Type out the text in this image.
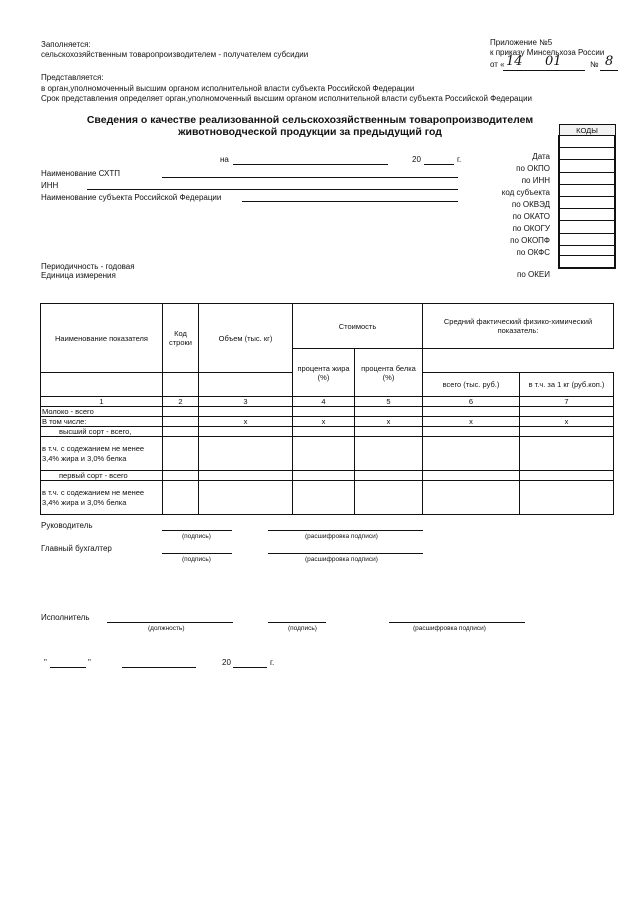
Заполняется:
сельскохозяйственным товаропроизводителем - получателем субсидии
Представляется:
в орган,уполномоченный высшим органом исполнительной власти субъекта Российской Федерации
Срок представления определяет орган,уполномоченный высшим органом исполнительной власти субъекта Российской Федерации
Приложение №5
к приказу Минсельхоза России
от « 14 01	№ 8
Сведения о качестве реализованной сельскохозяйственным товаропроизводителем
животноводческой продукции за предыдущий год
на	20	г.
Наименование СХТП
ИНН
Наименование субъекта Российской Федерации
Периодичность - годовая
Единица измерения
Дата
по ОКПО
по ИНН
код субъекта
по ОКВЭД
по ОКАТО
по ОКОГУ
по ОКОПФ
по ОКФС
по ОКЕИ
КОДЫ

Наименование показателя	Код строки	Объем (тыс. кг)	Стоимость		Средний фактический физико-химический показатель:	
			процента жира (%)	процента белка (%)		
					всего (тыс. руб.)	в т.ч. за 1 кг (руб.коп.)
1	2	3	4	5	6	7
Молоко - всего						
В том числе:		x	x	x	x	x
высший сорт - всего,						
в т.ч. с содежанием не менее 3,4% жира и 3,0% белка						
первый сорт - всего						
в т.ч. с содежанием не менее 3,4% жира и 3,0% белка						
Руководитель
(подпись)	(расшифровка подписи)
Главный бухгалтер
(подпись)	(расшифровка подписи)
Исполнитель
(должность)	(подпись)	(расшифровка подписи)
"	"	20	г.
